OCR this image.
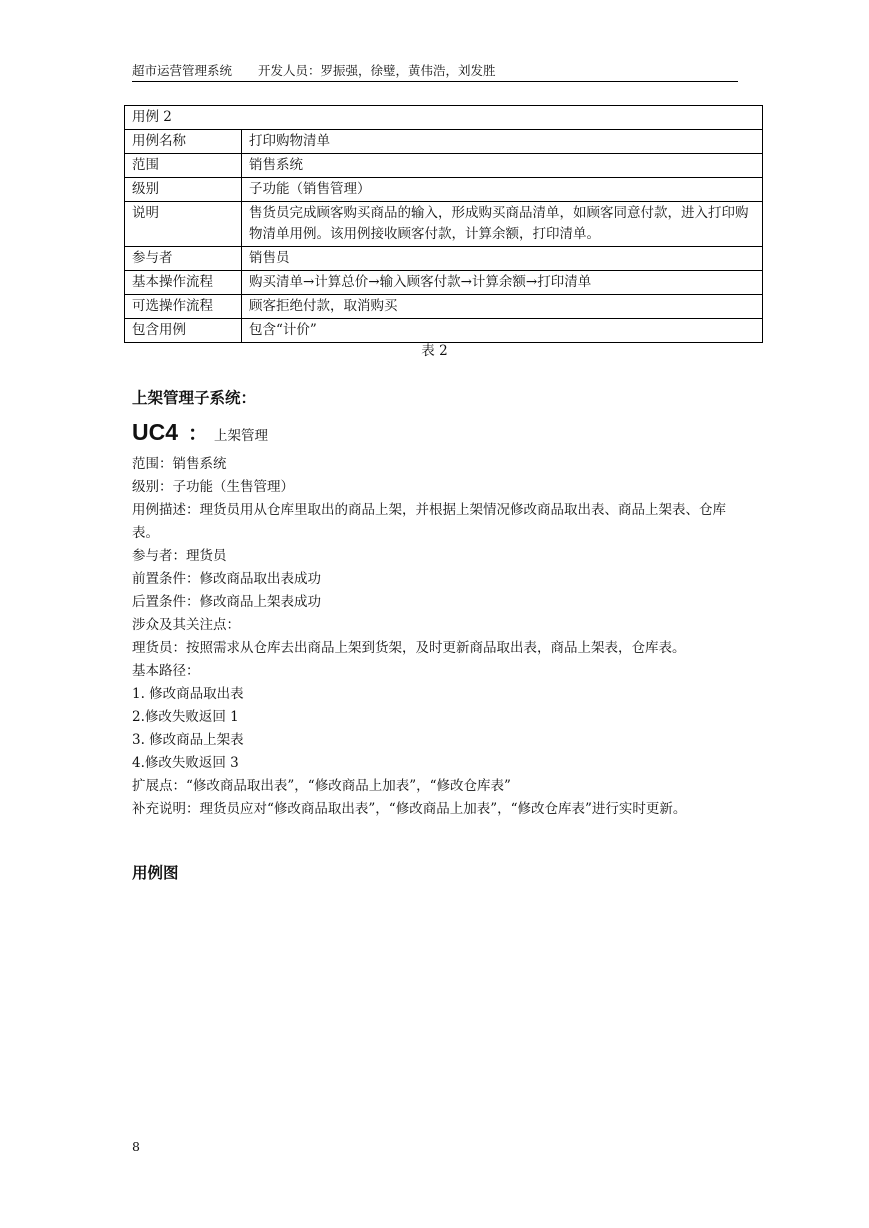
超市运营管理系统 开发人员：罗振强，徐璧，黄伟浩，刘发胜
用例 2	
用例名称	打印购物清单
范围	销售系统
级别	子功能（销售管理）
说明	售货员完成顾客购买商品的输入，形成购买商品清单，如顾客同意付款，进入打印购物清单用例。该用例接收顾客付款，计算余额，打印清单。
参与者	销售员
基本操作流程	购买清单→计算总价→输入顾客付款→计算余额→打印清单
可选操作流程	顾客拒绝付款，取消购买
包含用例	包含“计价”
表 2
上架管理子系统：
UC4 ： 上架管理

范围：销售系统

级别：子功能（生售管理）

用例描述：理货员用从仓库里取出的商品上架，并根据上架情况修改商品取出表、商品上架表、仓库表。

参与者：理货员

前置条件：修改商品取出表成功

后置条件：修改商品上架表成功

涉众及其关注点：

理货员：按照需求从仓库去出商品上架到货架，及时更新商品取出表，商品上架表，仓库表。

基本路径：

1. 修改商品取出表

2.修改失败返回 1

3. 修改商品上架表

4.修改失败返回 3

扩展点：“修改商品取出表”，“修改商品上加表”，“修改仓库表”

补充说明：理货员应对“修改商品取出表”，“修改商品上加表”，“修改仓库表”进行实时更新。

用例图
8
